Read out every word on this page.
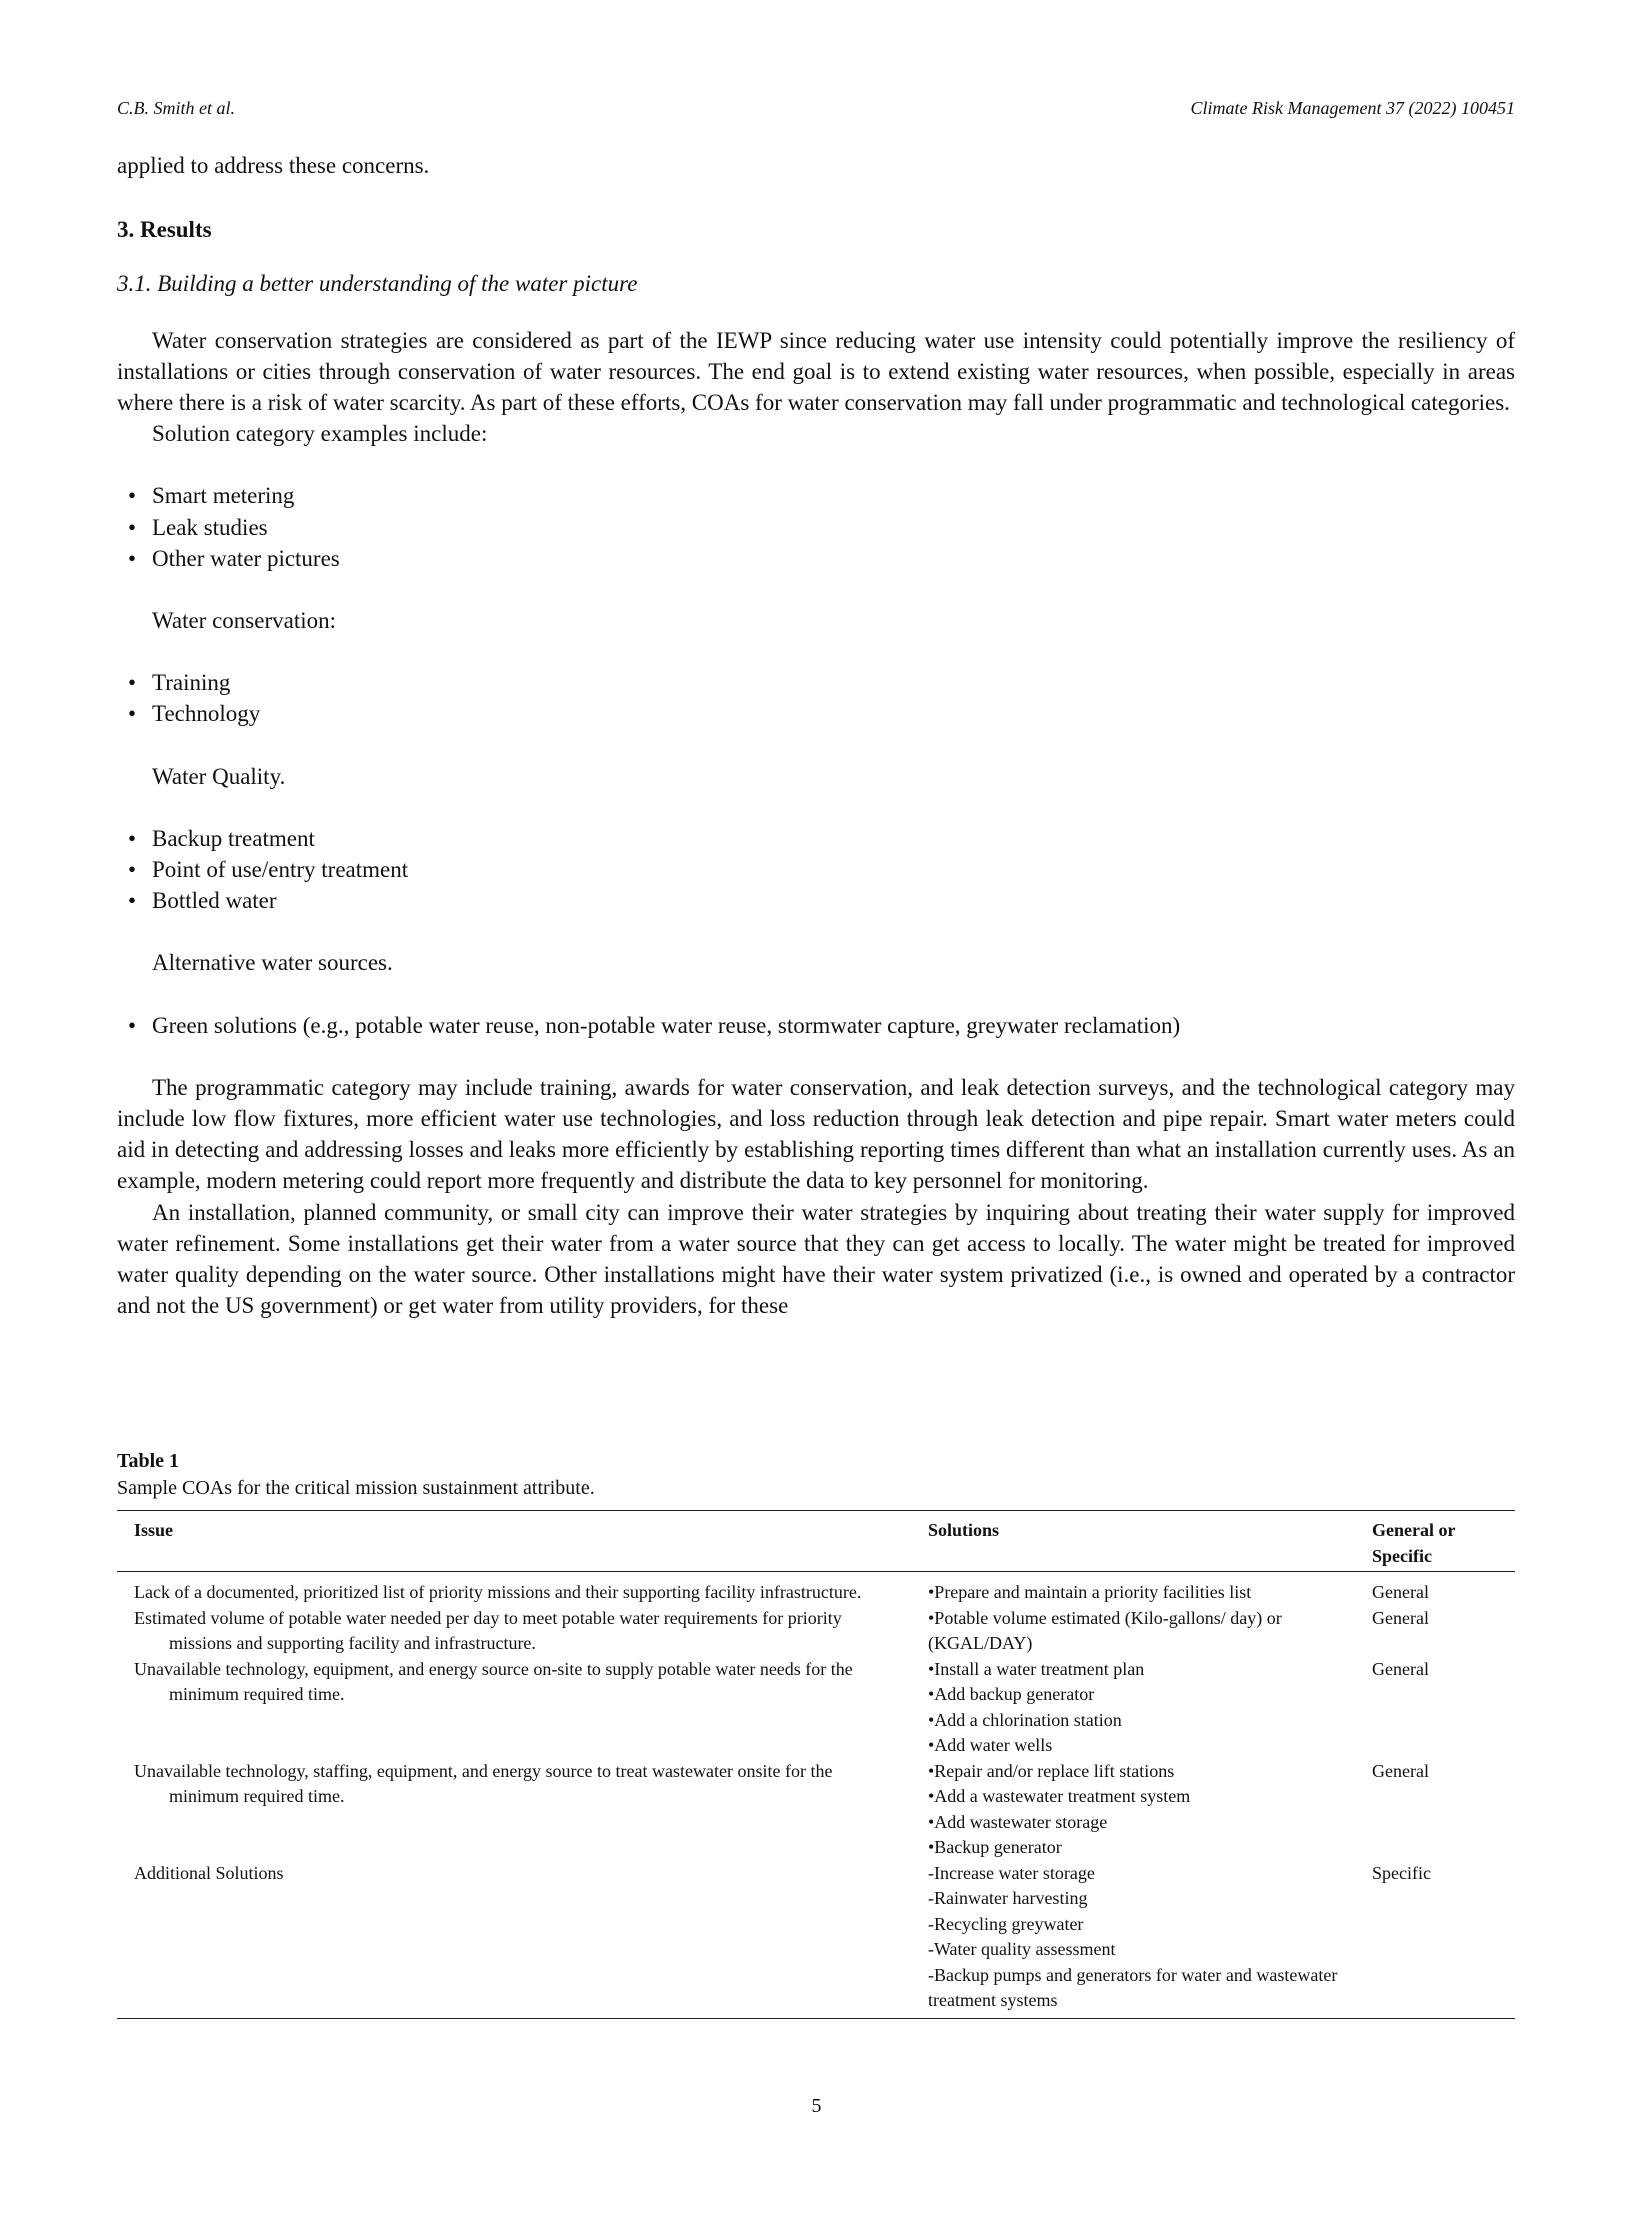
C.B. Smith et al.	Climate Risk Management 37 (2022) 100451

applied to address these concerns.

3. Results
3.1. Building a better understanding of the water picture

Water conservation strategies are considered as part of the IEWP since reducing water use intensity could potentially improve the resiliency of installations or cities through conservation of water resources. The end goal is to extend existing water resources, when possible, especially in areas where there is a risk of water scarcity. As part of these efforts, COAs for water conservation may fall under programmatic and technological categories.

Solution category examples include:

• Smart metering
• Leak studies
• Other water pictures

Water conservation:

• Training
• Technology

Water Quality.

• Backup treatment
• Point of use/entry treatment
• Bottled water

Alternative water sources.

• Green solutions (e.g., potable water reuse, non-potable water reuse, stormwater capture, greywater reclamation)

The programmatic category may include training, awards for water conservation, and leak detection surveys, and the technological category may include low flow fixtures, more efficient water use technologies, and loss reduction through leak detection and pipe repair. Smart water meters could aid in detecting and addressing losses and leaks more efficiently by establishing reporting times different than what an installation currently uses. As an example, modern metering could report more frequently and distribute the data to key personnel for monitoring.

An installation, planned community, or small city can improve their water strategies by inquiring about treating their water supply for improved water refinement. Some installations get their water from a water source that they can get access to locally. The water might be treated for improved water quality depending on the water source. Other installations might have their water system privatized (i.e., is owned and operated by a contractor and not the US government) or get water from utility providers, for these

Table 1
Sample COAs for the critical mission sustainment attribute.
Issue	Solutions	General or Specific

Lack of a documented, prioritized list of priority missions and their supporting facility infrastructure.	•Prepare and maintain a priority facilities list	General

Estimated volume of potable water needed per day to meet potable water requirements for priority missions and supporting facility and infrastructure.	•Potable volume estimated (Kilo-gallons/ day) or (KGAL/DAY)	General

Unavailable technology, equipment, and energy source on-site to supply potable water needs for the minimum required time.	•Install a water treatment plan
•Add backup generator
•Add a chlorination station
•Add water wells	General

Unavailable technology, staffing, equipment, and energy source to treat wastewater onsite for the minimum required time.	•Repair and/or replace lift stations
•Add a wastewater treatment system
•Add wastewater storage
•Backup generator	General

Additional Solutions	-Increase water storage
-Rainwater harvesting
-Recycling greywater
-Water quality assessment
-Backup pumps and generators for water and wastewater treatment systems	Specific
5
